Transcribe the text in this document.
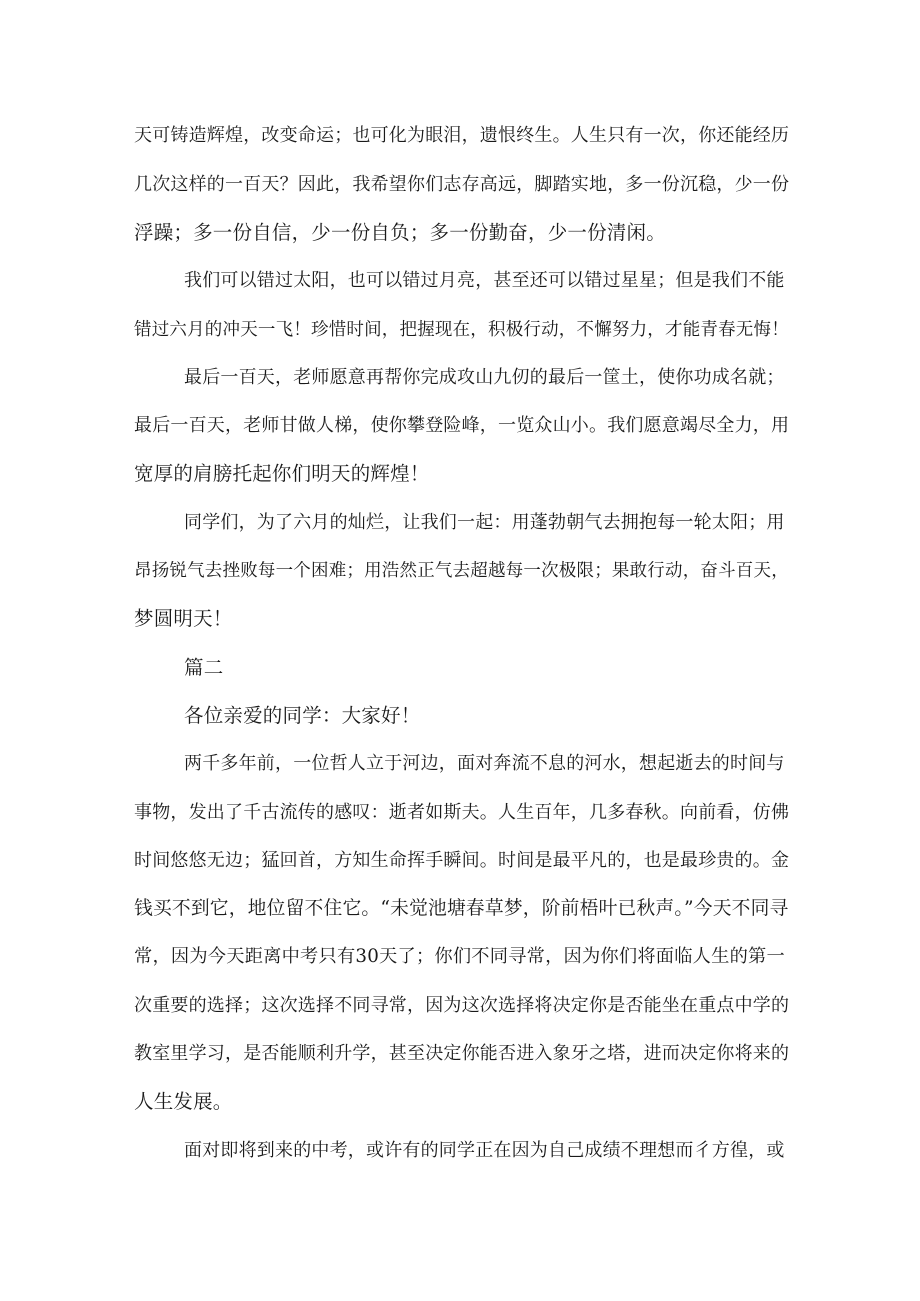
天可铸造辉煌，改变命运；也可化为眼泪，遗恨终生。人生只有一次，你还能经历
几次这样的一百天？因此，我希望你们志存高远，脚踏实地，多一份沉稳，少一份
浮躁；多一份自信，少一份自负；多一份勤奋，少一份清闲。
我们可以错过太阳，也可以错过月亮，甚至还可以错过星星；但是我们不能
错过六月的冲天一飞！珍惜时间，把握现在，积极行动，不懈努力，才能青春无悔！
最后一百天，老师愿意再帮你完成攻山九仞的最后一筐土，使你功成名就；
最后一百天，老师甘做人梯，使你攀登险峰，一览众山小。我们愿意竭尽全力，用
宽厚的肩膀托起你们明天的辉煌！
同学们，为了六月的灿烂，让我们一起：用蓬勃朝气去拥抱每一轮太阳；用
昂扬锐气去挫败每一个困难；用浩然正气去超越每一次极限；果敢行动，奋斗百天，
梦圆明天！
篇二
各位亲爱的同学：大家好！
两千多年前，一位哲人立于河边，面对奔流不息的河水，想起逝去的时间与
事物，发出了千古流传的感叹：逝者如斯夫。人生百年，几多春秋。向前看，仿佛
时间悠悠无边；猛回首，方知生命挥手瞬间。时间是最平凡的，也是最珍贵的。金
钱买不到它，地位留不住它。“未觉池塘春草梦，阶前梧叶已秋声。”今天不同寻
常，因为今天距离中考只有30天了；你们不同寻常，因为你们将面临人生的第一
次重要的选择；这次选择不同寻常，因为这次选择将决定你是否能坐在重点中学的
教室里学习，是否能顺利升学，甚至决定你能否进入象牙之塔，进而决定你将来的
人生发展。
面对即将到来的中考，或许有的同学正在因为自己成绩不理想而彳方徨，或
